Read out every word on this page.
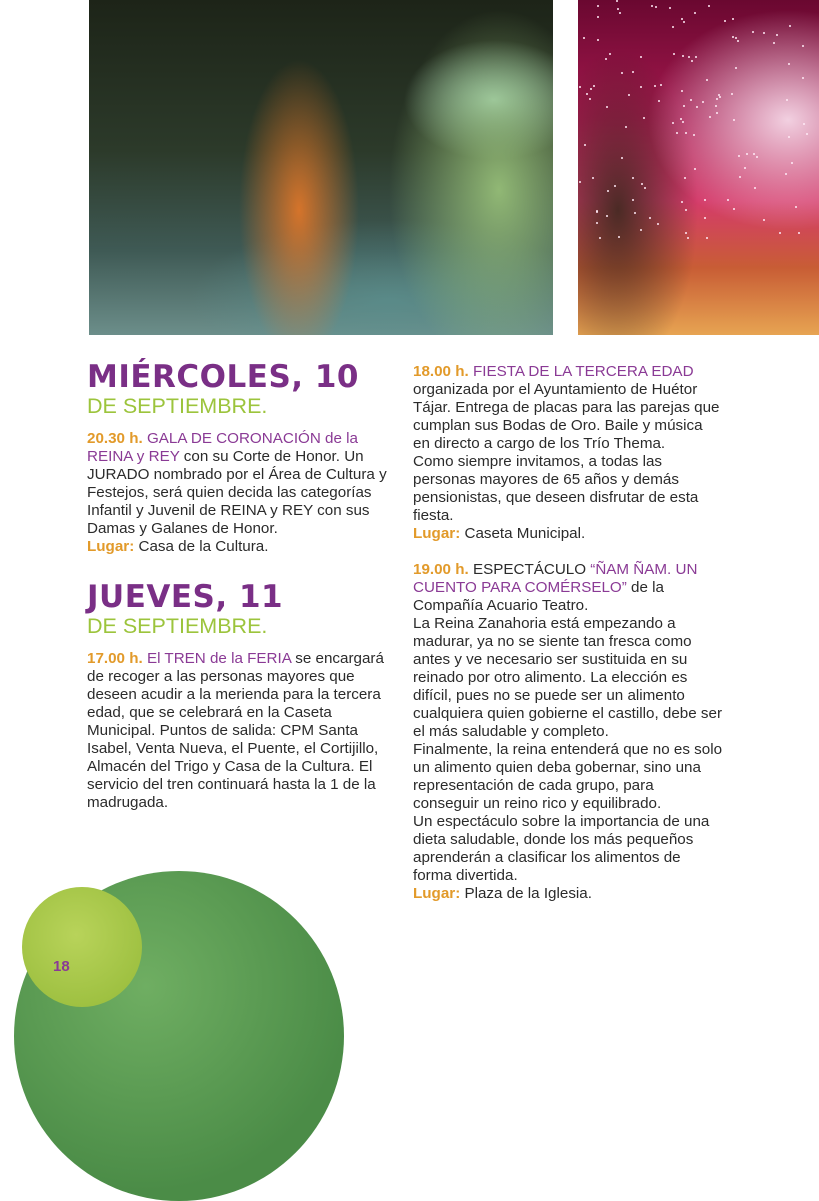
18
MIÉRCOLES, 10
DE SEPTIEMBRE.

20.30 h. GALA DE CORONACIÓN de la REINA y REY con su Corte de Honor. Un JURADO nombrado por el Área de Cultura y Festejos, será quien decida las categorías Infantil y Juvenil de REINA y REY con sus Damas y Galanes de Honor.

Lugar: Casa de la Cultura.

JUEVES, 11
DE SEPTIEMBRE.

17.00 h. El TREN de la FERIA se encargará de recoger a las personas mayores que deseen acudir a la merienda para la tercera edad, que se celebrará en la Caseta Municipal. Puntos de salida: CPM Santa Isabel, Venta Nueva, el Puente, el Cortijillo, Almacén del Trigo y Casa de la Cultura. El servicio del tren continuará hasta la 1 de la madrugada.

18.00 h. FIESTA DE LA TERCERA EDAD organizada por el Ayuntamiento de Huétor Tájar. Entrega de placas para las parejas que cumplan sus Bodas de Oro. Baile y música en directo a cargo de los Trío Thema.

Como siempre invitamos, a todas las personas mayores de 65 años y demás pensionistas, que deseen disfrutar de esta fiesta.

Lugar: Caseta Municipal.

19.00 h. ESPECTÁCULO “ÑAM ÑAM. UN CUENTO PARA COMÉRSELO” de la Compañía Acuario Teatro.

La Reina Zanahoria está empezando a madurar, ya no se siente tan fresca como antes y ve necesario ser sustituida en su reinado por otro alimento. La elección es difícil, pues no se puede ser un alimento cualquiera quien gobierne el castillo, debe ser el más saludable y completo.

Finalmente, la reina entenderá que no es solo un alimento quien deba gobernar, sino una representación de cada grupo, para conseguir un reino rico y equilibrado.

Un espectáculo sobre la importancia de una dieta saludable, donde los más pequeños aprenderán a clasificar los alimentos de forma divertida.

Lugar: Plaza de la Iglesia.
